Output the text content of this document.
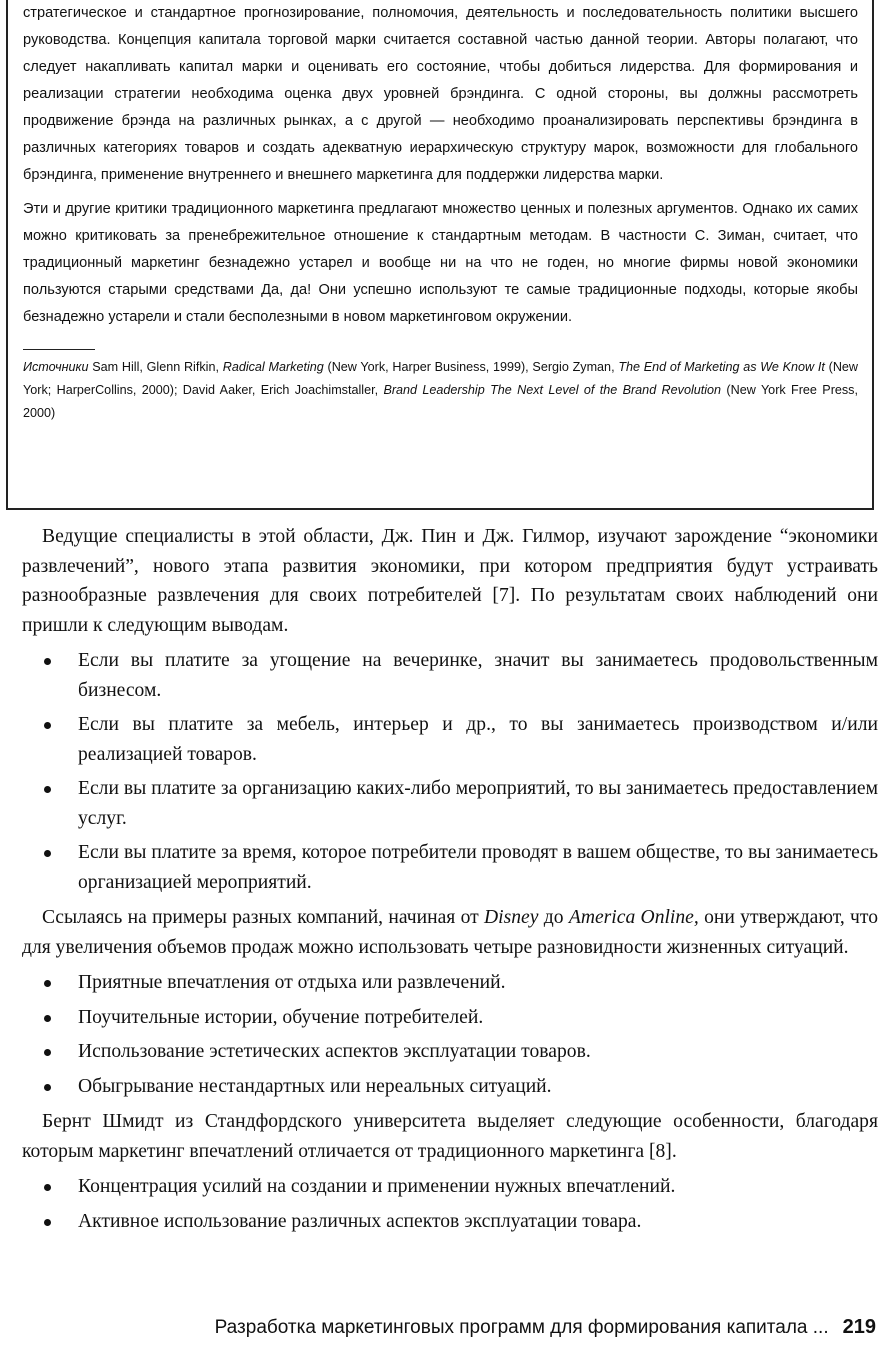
стратегическое и стандартное прогнозирование, полномочия, деятельность и последовательность политики высшего руководства. Концепция капитала торговой марки считается составной частью данной теории. Авторы полагают, что следует накапливать капитал марки и оценивать его состояние, чтобы добиться лидерства. Для формирования и реализации стратегии необходима оценка двух уровней брэндинга. С одной стороны, вы должны рассмотреть продвижение брэнда на различных рынках, а с другой — необходимо проанализировать перспективы брэндинга в различных категориях товаров и создать адекватную иерархическую структуру марок, возможности для глобального брэндинга, применение внутреннего и внешнего маркетинга для поддержки лидерства марки.

Эти и другие критики традиционного маркетинга предлагают множество ценных и полезных аргументов. Однако их самих можно критиковать за пренебрежительное отношение к стандартным методам. В частности С. Зиман, считает, что традиционный маркетинг безнадежно устарел и вообще ни на что не годен, но многие фирмы новой экономики пользуются старыми средствами Да, да! Они успешно используют те самые традиционные подходы, которые якобы безнадежно устарели и стали бесполезными в новом маркетинговом окружении.

Источники Sam Hill, Glenn Rifkin, Radical Marketing (New York, Harper Business, 1999), Sergio Zyman, The End of Marketing as We Know It (New York; HarperCollins, 2000); David Aaker, Erich Joachimstaller, Brand Leadership The Next Level of the Brand Revolution (New York Free Press, 2000)

Ведущие специалисты в этой области, Дж. Пин и Дж. Гилмор, изучают зарождение “экономики развлечений”, нового этапа развития экономики, при котором предприятия будут устраивать разнообразные развлечения для своих потребителей [7]. По результатам своих наблюдений они пришли к следующим выводам.

Если вы платите за угощение на вечеринке, значит вы занимаетесь продовольственным бизнесом.
Если вы платите за мебель, интерьер и др., то вы занимаетесь производством и/или реализацией товаров.
Если вы платите за организацию каких-либо мероприятий, то вы занимаетесь предоставлением услуг.
Если вы платите за время, которое потребители проводят в вашем обществе, то вы занимаетесь организацией мероприятий.

Ссылаясь на примеры разных компаний, начиная от Disney до America Online, они утверждают, что для увеличения объемов продаж можно использовать четыре разновидности жизненных ситуаций.

Приятные впечатления от отдыха или развлечений.
Поучительные истории, обучение потребителей.
Использование эстетических аспектов эксплуатации товаров.
Обыгрывание нестандартных или нереальных ситуаций.

Бернт Шмидт из Стандфордского университета выделяет следующие особенности, благодаря которым маркетинг впечатлений отличается от традиционного маркетинга [8].

Концентрация усилий на создании и применении нужных впечатлений.
Активное использование различных аспектов эксплуатации товара.
Разработка маркетинговых программ для формирования капитала ... 219
